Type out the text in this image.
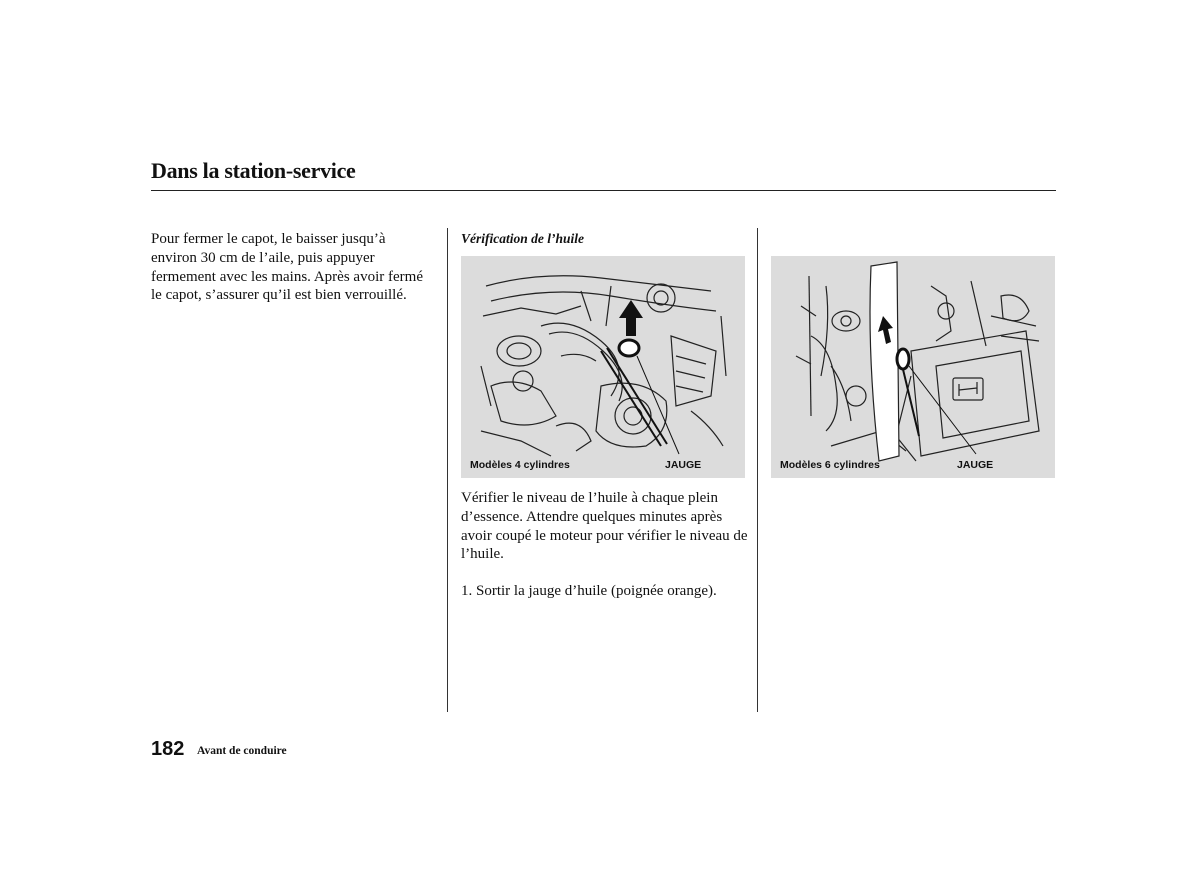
Dans la station-service
Pour fermer le capot, le baisser jusqu’à environ 30 cm de l’aile, puis appuyer fermement avec les mains. Après avoir fermé le capot, s’assurer qu’il est bien verrouillé.
Vérification de l’huile
Modèles 4 cylindres	JAUGE	Modèles 6 cylindres	JAUGE
Vérifier le niveau de l’huile à chaque plein d’essence. Attendre quelques minutes après avoir coupé le moteur pour vérifier le niveau de l’huile.
1. Sortir la jauge d’huile (poignée orange).
182 Avant de conduire
